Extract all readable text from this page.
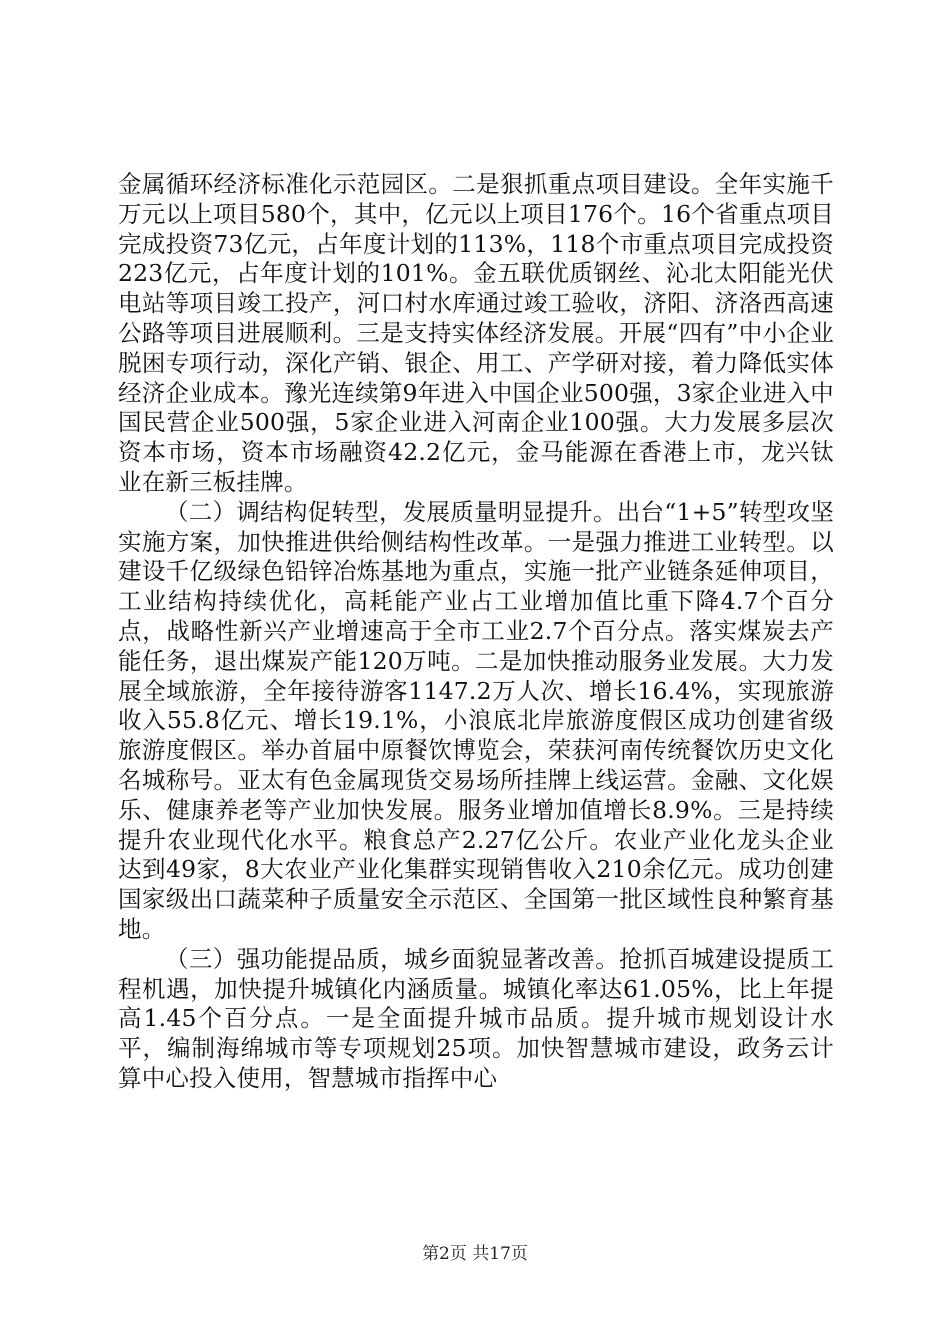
金属循环经济标准化示范园区。二是狠抓重点项目建设。全年实施千万元以上项目580个，其中，亿元以上项目176个。16个省重点项目完成投资73亿元，占年度计划的113%，118个市重点项目完成投资223亿元，占年度计划的101%。金五联优质钢丝、沁北太阳能光伏电站等项目竣工投产，河口村水库通过竣工验收，济阳、济洛西高速公路等项目进展顺利。三是支持实体经济发展。开展“四有”中小企业脱困专项行动，深化产销、银企、用工、产学研对接，着力降低实体经济企业成本。豫光连续第9年进入中国企业500强，3家企业进入中国民营企业500强，5家企业进入河南企业100强。大力发展多层次资本市场，资本市场融资42.2亿元，金马能源在香港上市，龙兴钛业在新三板挂牌。

（二）调结构促转型，发展质量明显提升。出台“1+5”转型攻坚实施方案，加快推进供给侧结构性改革。一是强力推进工业转型。以建设千亿级绿色铅锌冶炼基地为重点，实施一批产业链条延伸项目，工业结构持续优化，高耗能产业占工业增加值比重下降4.7个百分点，战略性新兴产业增速高于全市工业2.7个百分点。落实煤炭去产能任务，退出煤炭产能120万吨。二是加快推动服务业发展。大力发展全域旅游，全年接待游客1147.2万人次、增长16.4%，实现旅游收入55.8亿元、增长19.1%，小浪底北岸旅游度假区成功创建省级旅游度假区。举办首届中原餐饮博览会，荣获河南传统餐饮历史文化名城称号。亚太有色金属现货交易场所挂牌上线运营。金融、文化娱乐、健康养老等产业加快发展。服务业增加值增长8.9%。三是持续提升农业现代化水平。粮食总产2.27亿公斤。农业产业化龙头企业达到49家，8大农业产业化集群实现销售收入210余亿元。成功创建国家级出口蔬菜种子质量安全示范区、全国第一批区域性良种繁育基地。

（三）强功能提品质，城乡面貌显著改善。抢抓百城建设提质工程机遇，加快提升城镇化内涵质量。城镇化率达61.05%，比上年提高1.45个百分点。一是全面提升城市品质。提升城市规划设计水平，编制海绵城市等专项规划25项。加快智慧城市建设，政务云计算中心投入使用，智慧城市指挥中心

第2页 共17页
